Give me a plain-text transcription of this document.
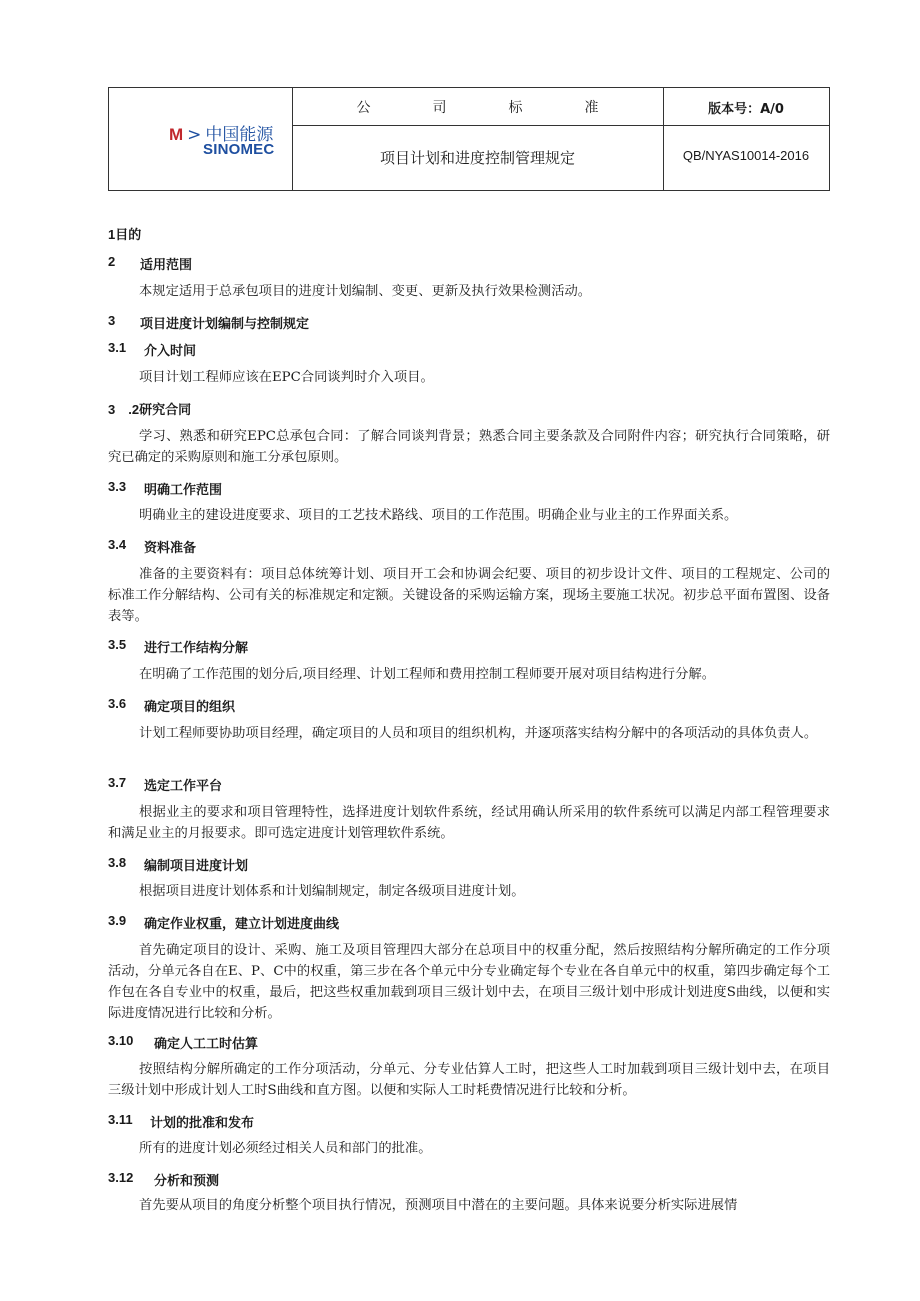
M > 中国能源
SINOMEC
公司标准
项目计划和进度控制管理规定
版本号：A/0
QB/NYAS10014-2016
1目的
2 适用范围
本规定适用于总承包项目的进度计划编制、变更、更新及执行效果检测活动。
3 项目进度计划编制与控制规定
3.1 介入时间
项目计划工程师应该在EPC合同谈判时介入项目。
3　.2研究合同
学习、熟悉和研究EPC总承包合同：了解合同谈判背景；熟悉合同主要条款及合同附件内容；研究执行合同策略，研究已确定的采购原则和施工分承包原则。
3.3 明确工作范围
明确业主的建设进度要求、项目的工艺技术路线、项目的工作范围。明确企业与业主的工作界面关系。
3.4 资料准备
准备的主要资料有：项目总体统筹计划、项目开工会和协调会纪要、项目的初步设计文件、项目的工程规定、公司的标准工作分解结构、公司有关的标准规定和定额。关键设备的采购运输方案，现场主要施工状况。初步总平面布置图、设备表等。
3.5 进行工作结构分解
在明确了工作范围的划分后,项目经理、计划工程师和费用控制工程师要开展对项目结构进行分解。
3.6 确定项目的组织
计划工程师要协助项目经理，确定项目的人员和项目的组织机构，并逐项落实结构分解中的各项活动的具体负责人。
3.7 选定工作平台
根据业主的要求和项目管理特性，选择进度计划软件系统，经试用确认所采用的软件系统可以满足内部工程管理要求和满足业主的月报要求。即可选定进度计划管理软件系统。
3.8 编制项目进度计划
根据项目进度计划体系和计划编制规定，制定各级项目进度计划。
3.9 确定作业权重，建立计划进度曲线
首先确定项目的设计、采购、施工及项目管理四大部分在总项目中的权重分配，然后按照结构分解所确定的工作分项活动，分单元各自在E、P、C中的权重，第三步在各个单元中分专业确定每个专业在各自单元中的权重，第四步确定每个工作包在各自专业中的权重，最后，把这些权重加载到项目三级计划中去，在项目三级计划中形成计划进度S曲线，以便和实际进度情况进行比较和分析。
3.10 确定人工工时估算
按照结构分解所确定的工作分项活动，分单元、分专业估算人工时，把这些人工时加载到项目三级计划中去，在项目三级计划中形成计划人工时S曲线和直方图。以便和实际人工时耗费情况进行比较和分析。
3.11 计划的批准和发布
所有的进度计划必须经过相关人员和部门的批准。
3.12 分析和预测
首先要从项目的角度分析整个项目执行情况，预测项目中潜在的主要问题。具体来说要分析实际进展情
